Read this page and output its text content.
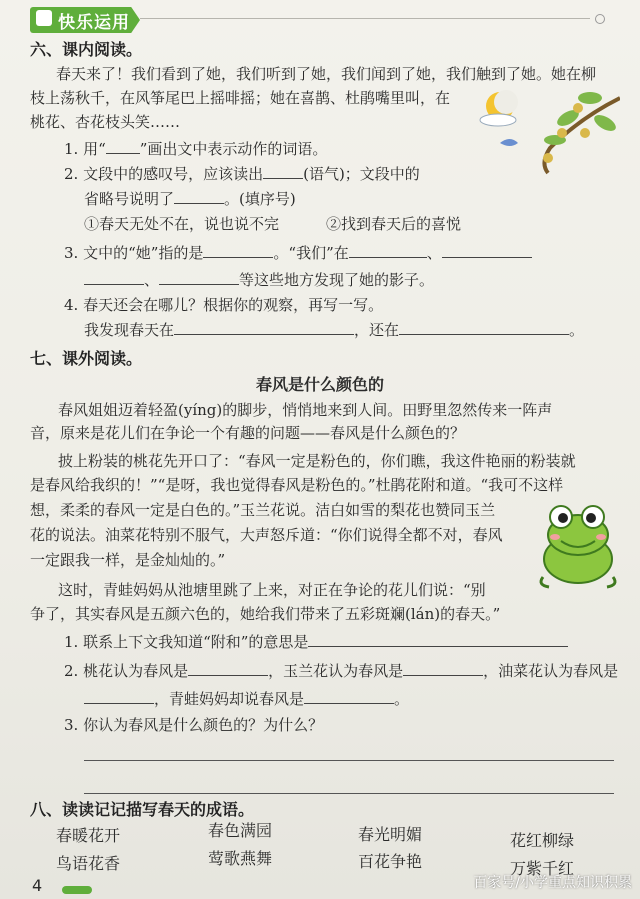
快乐运用
六、课内阅读。
春天来了！我们看到了她，我们听到了她，我们闻到了她，我们触到了她。她在柳
枝上荡秋千，在风筝尾巴上摇啡摇；她在喜鹊、杜鹃嘴里叫，在
桃花、杏花枝头笑……
1. 用“ ”画出文中表示动作的词语。
2. 文段中的感叹号，应该读出	(语气)；文段中的
省略号说明了	。(填序号)
①春天无处不在，说也说不完	②找到春天后的喜悦
3. 文中的“她”指的是	。“我们”在	、
、	等这些地方发现了她的影子。
4. 春天还会在哪儿？根据你的观察，再写一写。
我发现春天在	，还在	。
七、课外阅读。
春风是什么颜色的
春风姐姐迈着轻盈(yíng)的脚步，悄悄地来到人间。田野里忽然传来一阵声
音，原来是花儿们在争论一个有趣的问题——春风是什么颜色的？
披上粉装的桃花先开口了：“春风一定是粉色的，你们瞧，我这件艳丽的粉装就
是春风给我织的！”“是呀，我也觉得春风是粉色的。”杜鹃花附和道。“我可不这样
想，柔柔的春风一定是白色的。”玉兰花说。洁白如雪的梨花也赞同玉兰
花的说法。油菜花特别不服气，大声怒斥道：“你们说得全都不对，春风
一定跟我一样，是金灿灿的。”
这时，青蛙妈妈从池塘里跳了上来，对正在争论的花儿们说：“别
争了，其实春风是五颜六色的，她给我们带来了五彩斑斓(lán)的春天。”
1. 联系上下文我知道“附和”的意思是
2. 桃花认为春风是	，玉兰花认为春风是	，油菜花认为春风是
，青蛙妈妈却说春风是	。
3. 你认为春风是什么颜色的？为什么？
八、读读记记描写春天的成语。
春暖花开	春色满园	春光明媚	花红柳绿
鸟语花香	莺歌燕舞	百花争艳	万紫千红
4	百家号/小学重点知识积累
